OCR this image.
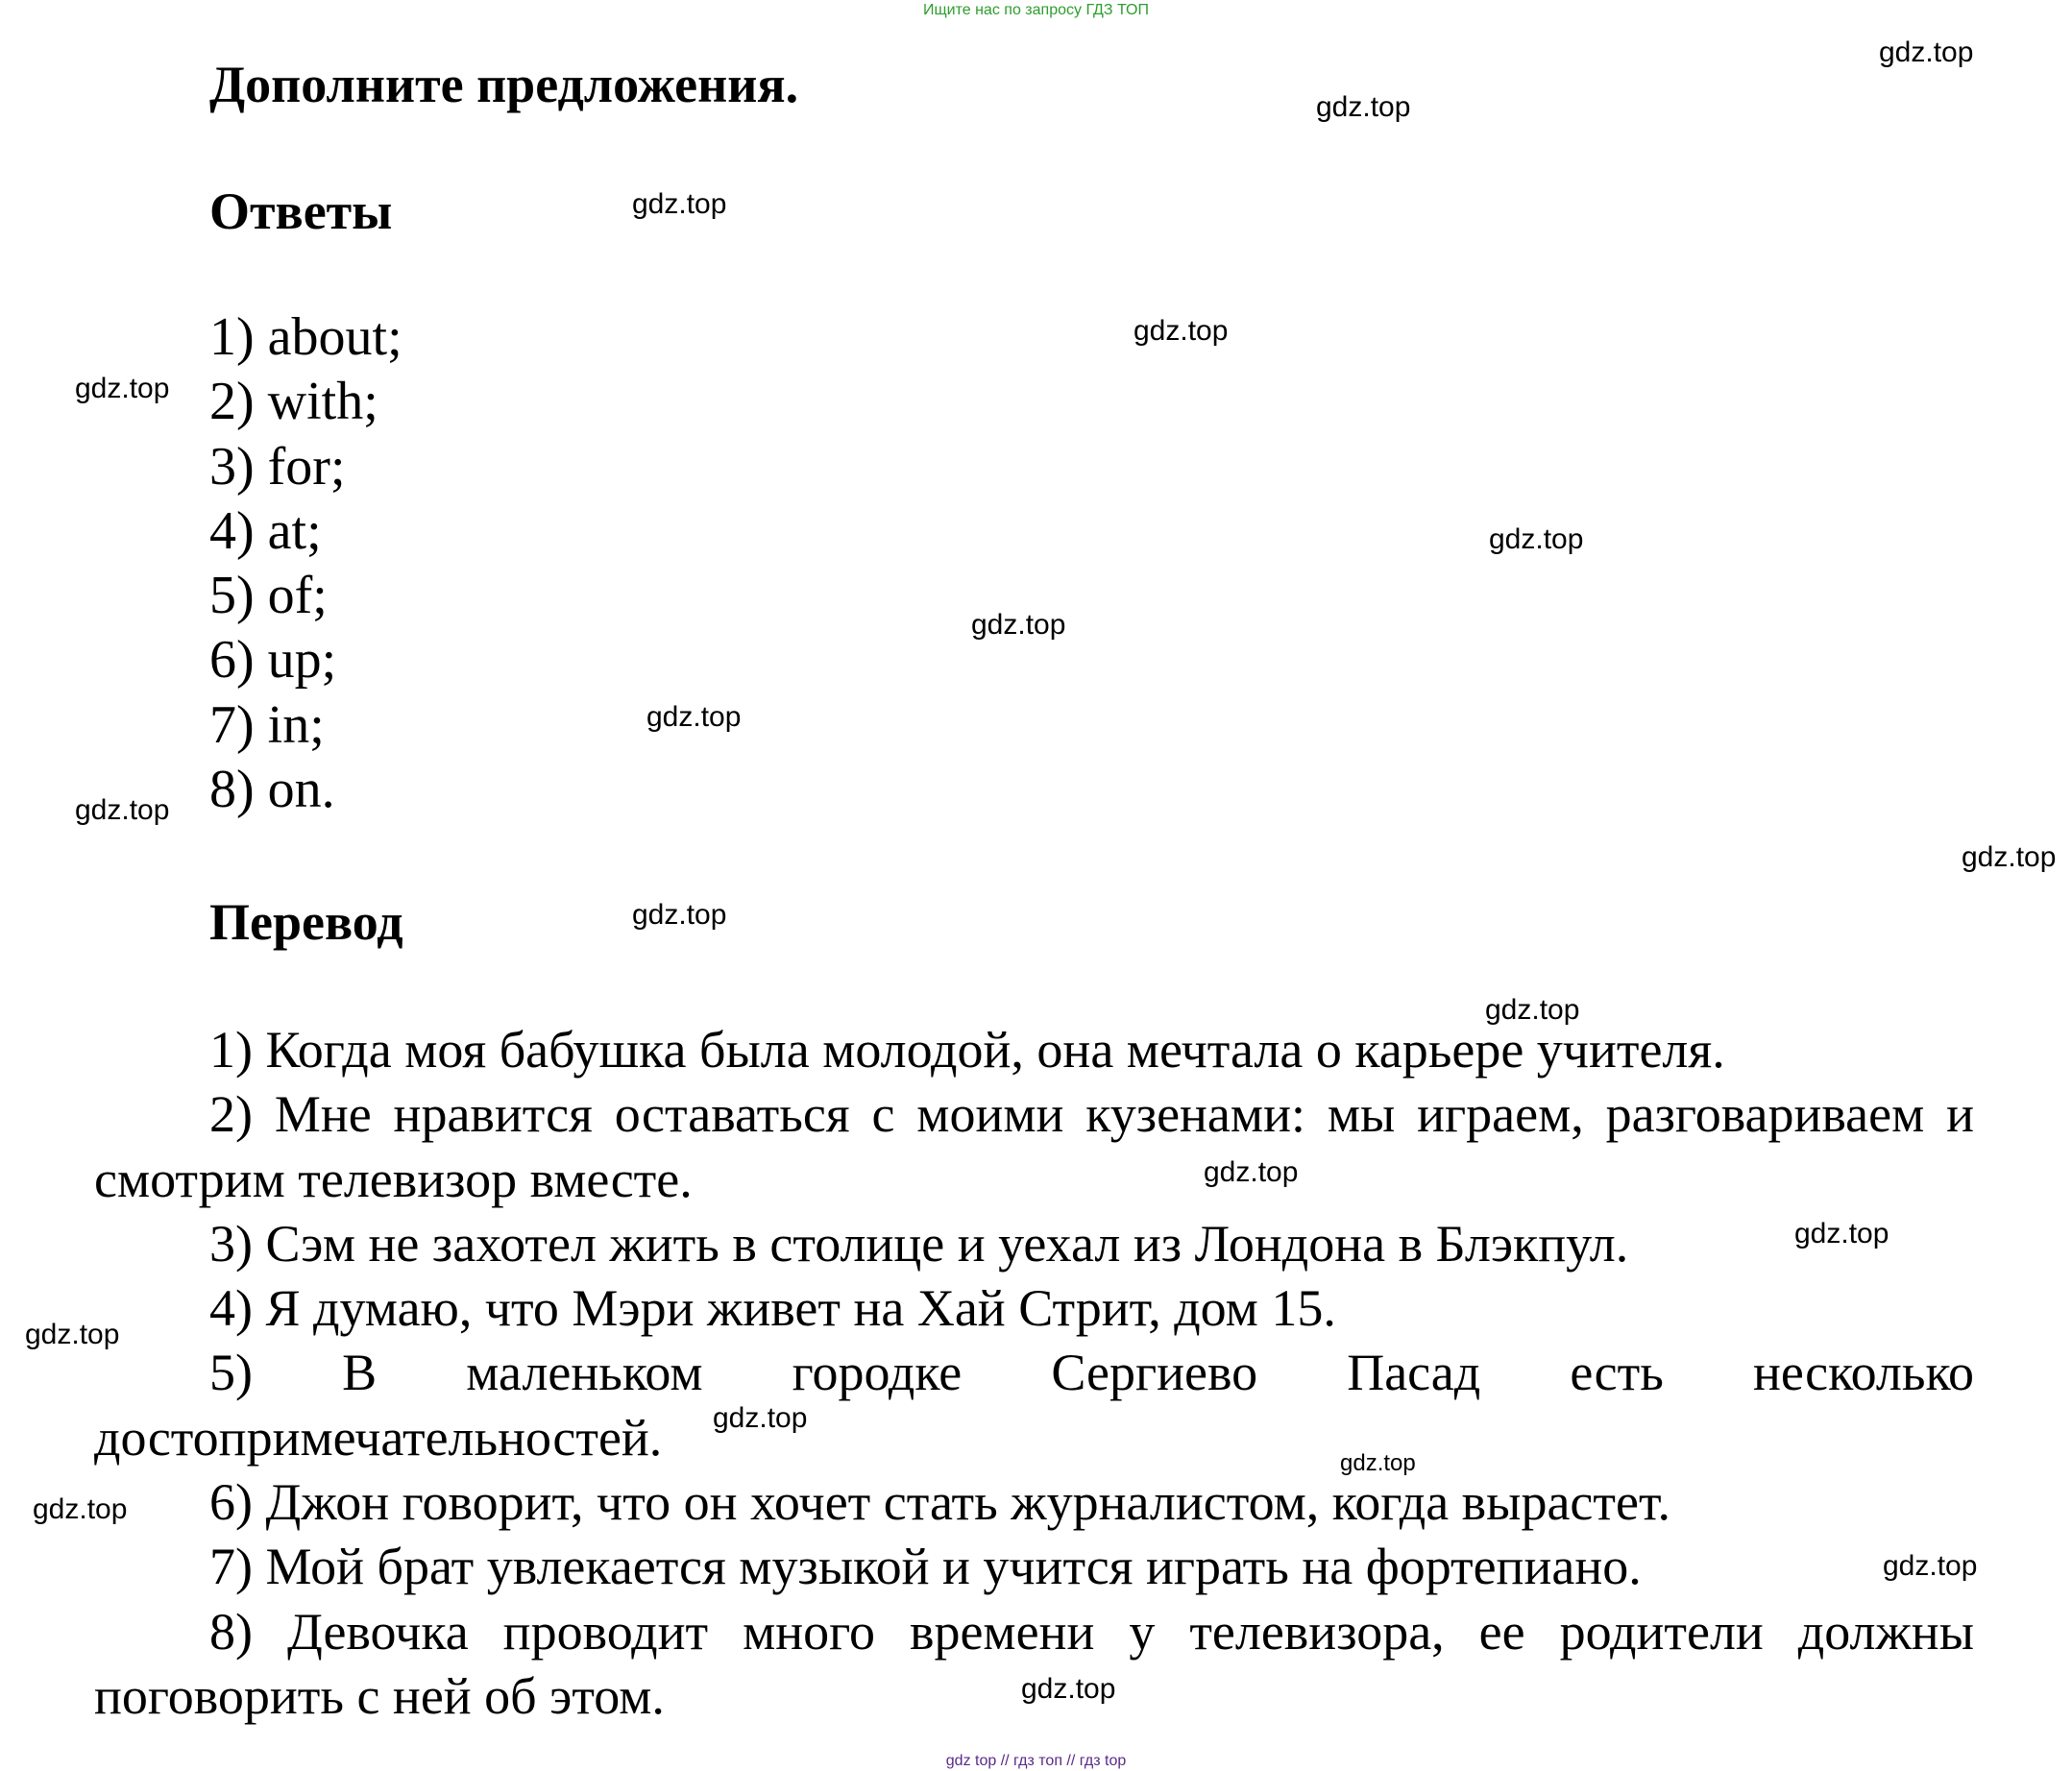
Ищите нас по запросу ГДЗ ТОП
Дополните предложения.
Ответы
1) about;
2) with;
3) for;
4) at;
5) of;
6) up;
7) in;
8) on.
Перевод

1) Когда моя бабушка была молодой, она мечтала о карьере учителя.

2) Мне нравится оставаться с моими кузенами: мы играем, разговариваем и смотрим телевизор вместе.

3) Сэм не захотел жить в столице и уехал из Лондона в Блэкпул.

4) Я думаю, что Мэри живет на Хай Стрит, дом 15.

5) В маленьком городке Сергиево Пасад есть несколько достопримечательностей.

6) Джон говорит, что он хочет стать журналистом, когда вырастет.

7) Мой брат увлекается музыкой и учится играть на фортепиано.

8) Девочка проводит много времени у телевизора, ее родители должны поговорить с ней об этом.

gdz.top
gdz.top
gdz.top
gdz.top
gdz.top
gdz.top
gdz.top
gdz.top
gdz.top
gdz.top
gdz.top
gdz.top
gdz.top
gdz.top
gdz.top
gdz.top
gdz.top
gdz.top
gdz.top
gdz.top
gdz top // гдз топ // гдз top
